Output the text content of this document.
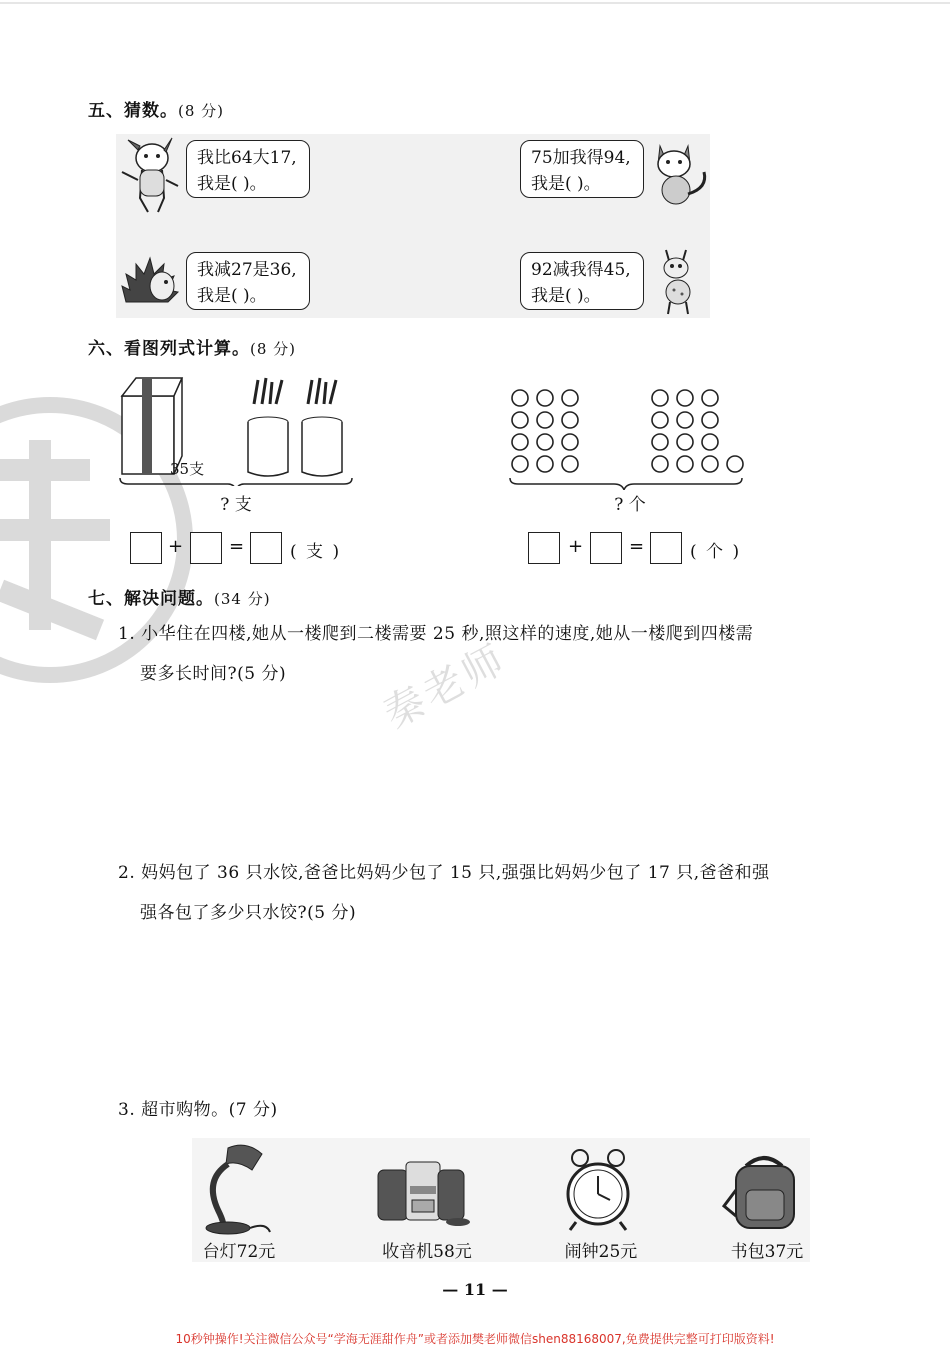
秦老师
五、猜数。(8 分)
我比64大17,
我是( )。
75加我得94,
我是( )。
我减27是36,
我是( )。
92减我得45,
我是( )。
六、看图列式计算。(8 分)
35支
? 支
+	=	( 支 )
? 个
+	=	( 个 )
七、解决问题。(34 分)
1. 小华住在四楼,她从一楼爬到二楼需要 25 秒,照这样的速度,她从一楼爬到四楼需
要多长时间?(5 分)
2. 妈妈包了 36 只水饺,爸爸比妈妈少包了 15 只,强强比妈妈少包了 17 只,爸爸和强
强各包了多少只水饺?(5 分)
3. 超市购物。(7 分)
台灯72元	收音机58元	闹钟25元	书包37元
— 11 —
10秒钟操作!关注微信公众号“学海无涯甜作舟”或者添加樊老师微信shen88168007,免费提供完整可打印版资料!
